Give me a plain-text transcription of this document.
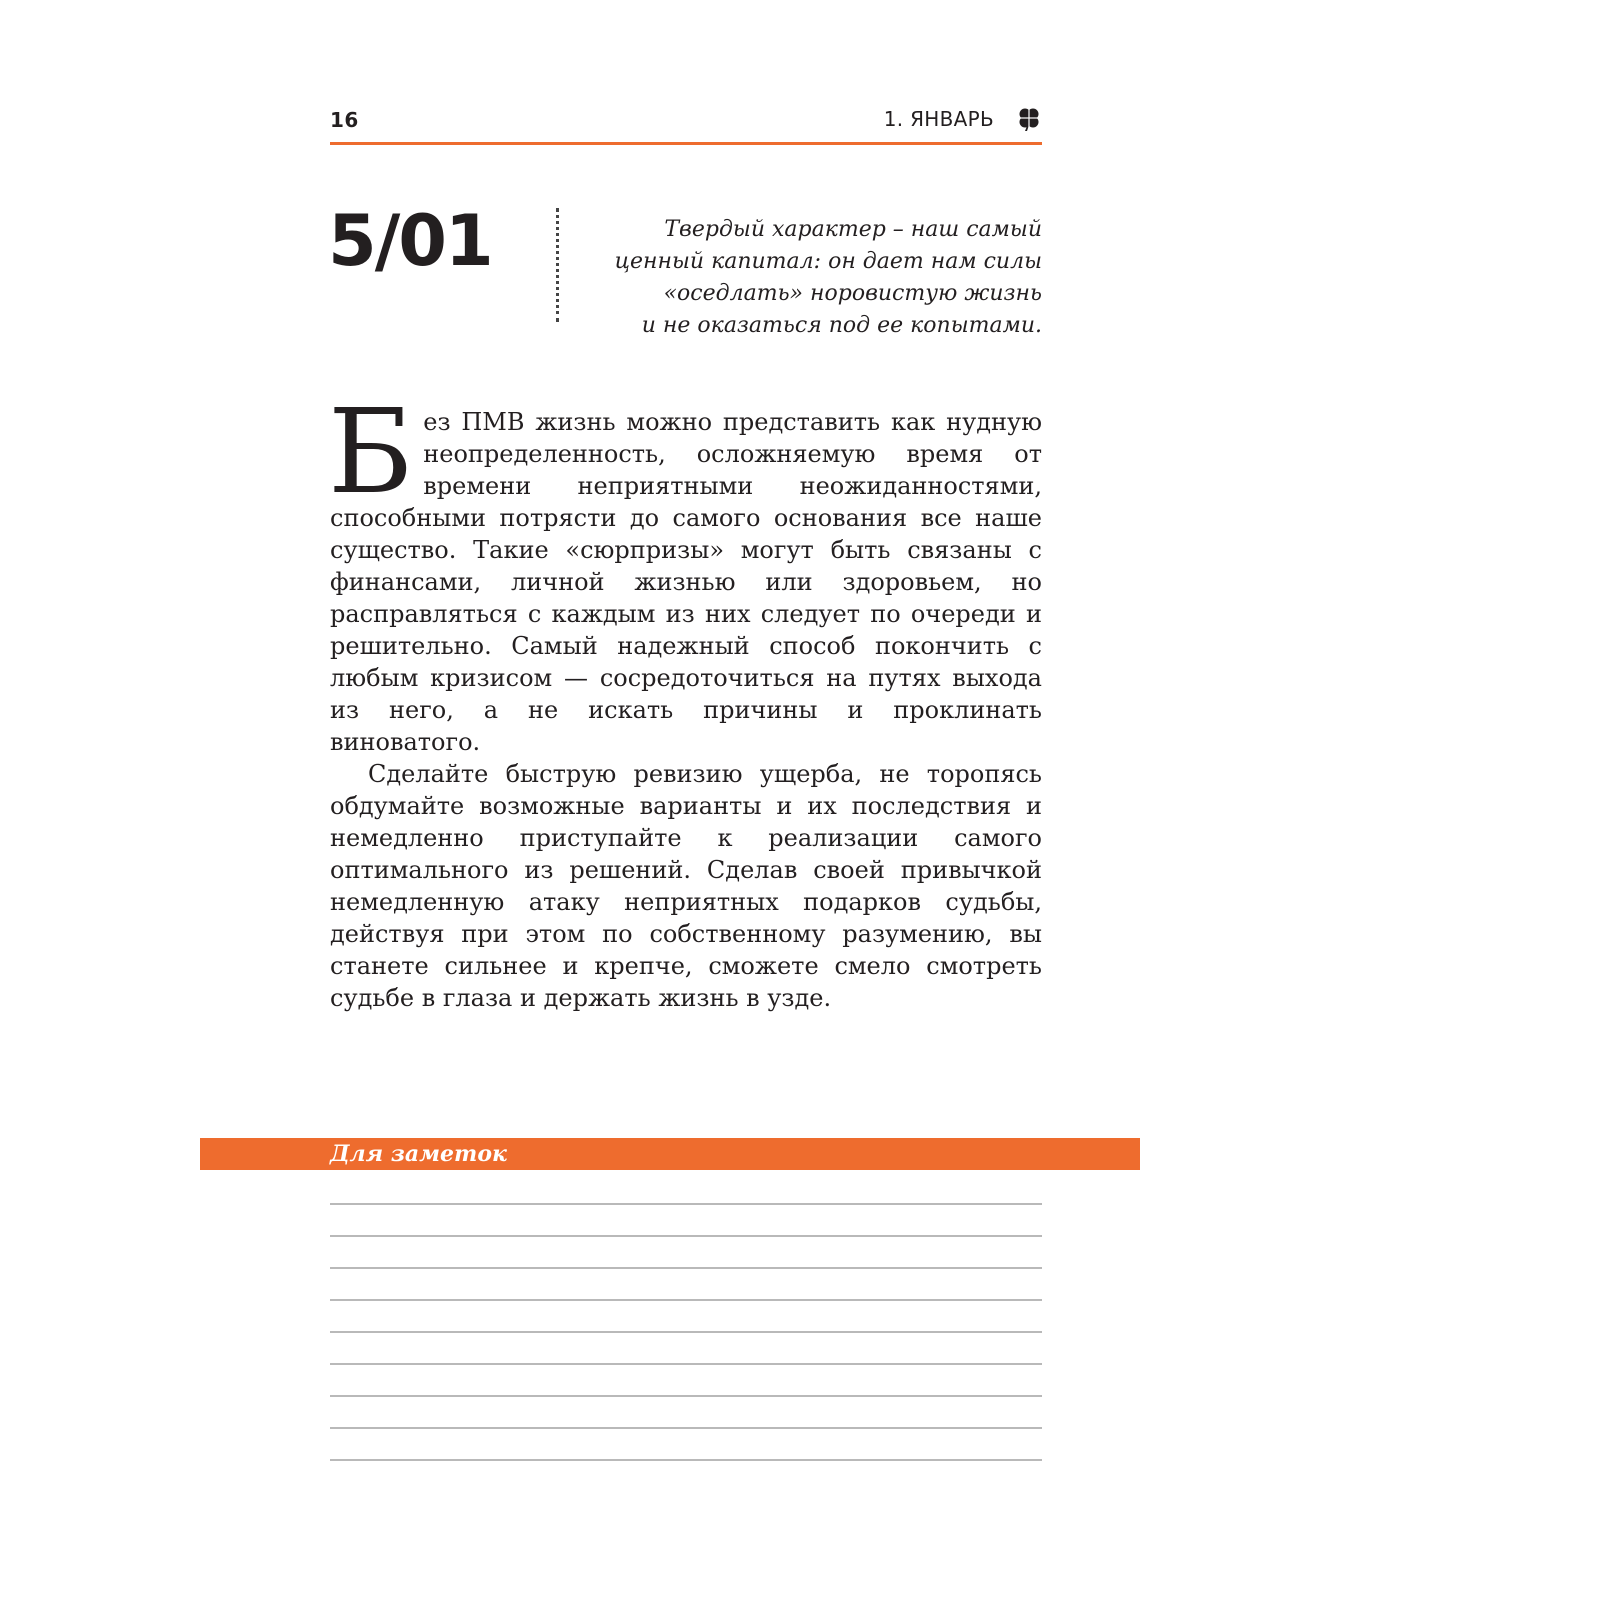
16	1. ЯНВАРЬ
5/01	Твердый характер – наш самый
ценный капитал: он дает нам силы
«оседлать» норовистую жизнь
и не оказаться под ее копытами.

Без ПМВ жизнь можно представить как нудную неопределенность, осложняемую время от времени неприятными неожиданностями, способными потрясти до самого основания все наше существо. Такие «сюрпризы» могут быть связаны с финансами, личной жизнью или здоровьем, но расправляться с каждым из них следует по очереди и решительно. Самый надежный способ покончить с любым кризисом — сосредоточиться на путях выхода из него, а не искать причины и проклинать виноватого.

Сделайте быструю ревизию ущерба, не торопясь обдумайте возможные варианты и их последствия и немедленно приступайте к реализации самого оптимального из решений. Сделав своей привычкой немедленную атаку неприятных подарков судьбы, действуя при этом по собственному разумению, вы станете сильнее и крепче, сможете смело смотреть судьбе в глаза и держать жизнь в узде.

Для заметок
